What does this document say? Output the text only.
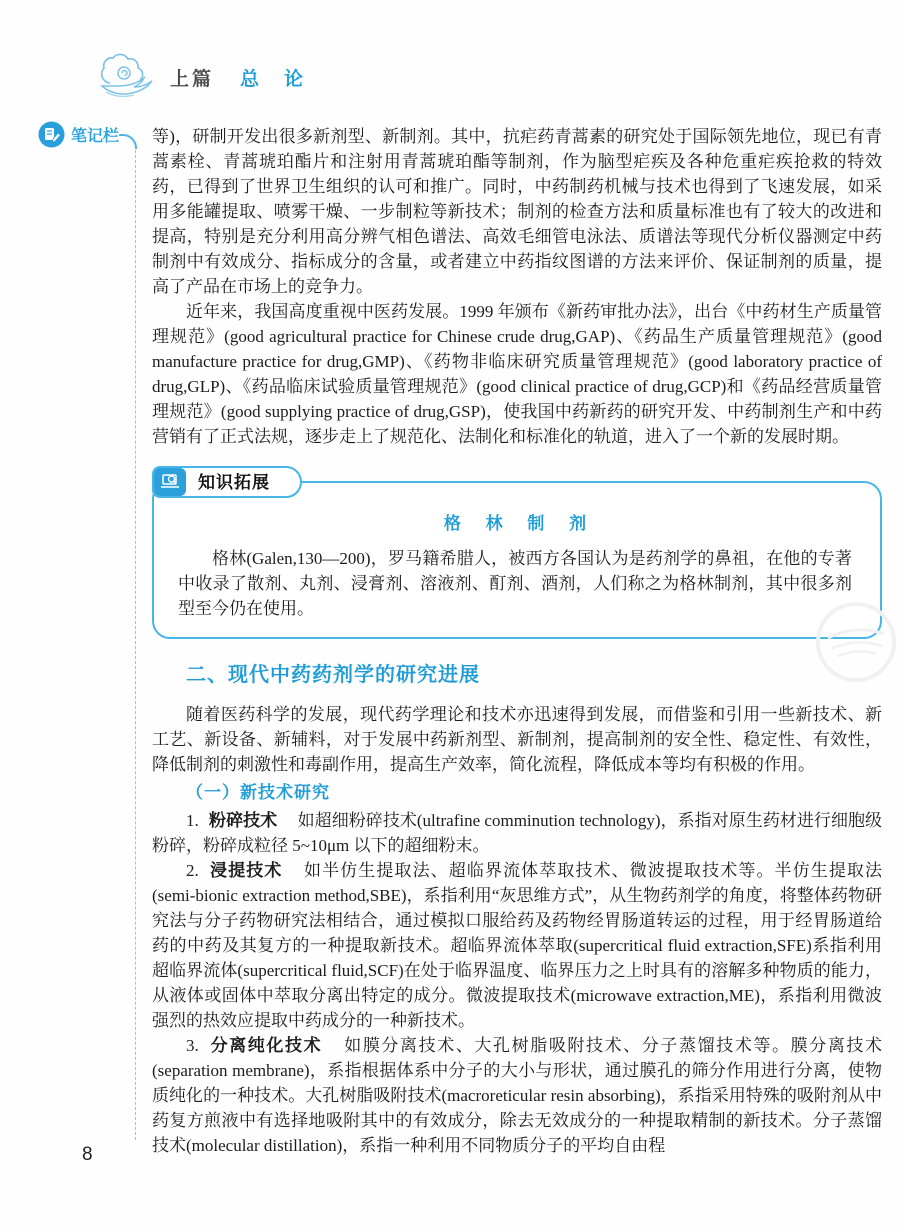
上篇 总　论
笔记栏 等)，研制开发出很多新剂型、新制剂。其中，抗疟药青蒿素的研究处于国际领先地位，现已有青蒿素栓、青蒿琥珀酯片和注射用青蒿琥珀酯等制剂，作为脑型疟疾及各种危重疟疾抢救的特效药，已得到了世界卫生组织的认可和推广。同时，中药制药机械与技术也得到了飞速发展，如采用多能罐提取、喷雾干燥、一步制粒等新技术；制剂的检查方法和质量标准也有了较大的改进和提高，特别是充分利用高分辨气相色谱法、高效毛细管电泳法、质谱法等现代分析仪器测定中药制剂中有效成分、指标成分的含量，或者建立中药指纹图谱的方法来评价、保证制剂的质量，提高了产品在市场上的竞争力。

近年来，我国高度重视中医药发展。1999 年颁布《新药审批办法》，出台《中药材生产质量管理规范》(good agricultural practice for Chinese crude drug,GAP)、《药品生产质量管理规范》(good manufacture practice for drug,GMP)、《药物非临床研究质量管理规范》(good laboratory practice of drug,GLP)、《药品临床试验质量管理规范》(good clinical practice of drug,GCP)和《药品经营质量管理规范》(good supplying practice of drug,GSP)，使我国中药新药的研究开发、中药制剂生产和中药营销有了正式法规，逐步走上了规范化、法制化和标准化的轨道，进入了一个新的发展时期。

知识拓展
格 林 制 剂

格林(Galen,130—200)，罗马籍希腊人，被西方各国认为是药剂学的鼻祖，在他的专著中收录了散剂、丸剂、浸膏剂、溶液剂、酊剂、酒剂，人们称之为格林制剂，其中很多剂型至今仍在使用。

二、现代中药药剂学的研究进展

随着医药科学的发展，现代药学理论和技术亦迅速得到发展，而借鉴和引用一些新技术、新工艺、新设备、新辅料，对于发展中药新剂型、新制剂，提高制剂的安全性、稳定性、有效性，降低制剂的刺激性和毒副作用，提高生产效率，简化流程，降低成本等均有积极的作用。

（一）新技术研究

1. 粉碎技术 如超细粉碎技术(ultrafine comminution technology)，系指对原生药材进行细胞级粉碎，粉碎成粒径 5~10μm 以下的超细粉末。

2. 浸提技术 如半仿生提取法、超临界流体萃取技术、微波提取技术等。半仿生提取法(semi-bionic extraction method,SBE)，系指利用“灰思维方式”，从生物药剂学的角度，将整体药物研究法与分子药物研究法相结合，通过模拟口服给药及药物经胃肠道转运的过程，用于经胃肠道给药的中药及其复方的一种提取新技术。超临界流体萃取(supercritical fluid extraction,SFE)系指利用超临界流体(supercritical fluid,SCF)在处于临界温度、临界压力之上时具有的溶解多种物质的能力，从液体或固体中萃取分离出特定的成分。微波提取技术(microwave extraction,ME)，系指利用微波强烈的热效应提取中药成分的一种新技术。

3. 分离纯化技术 如膜分离技术、大孔树脂吸附技术、分子蒸馏技术等。膜分离技术(separation membrane)，系指根据体系中分子的大小与形状，通过膜孔的筛分作用进行分离，使物质纯化的一种技术。大孔树脂吸附技术(macroreticular resin absorbing)，系指采用特殊的吸附剂从中药复方煎液中有选择地吸附其中的有效成分，除去无效成分的一种提取精制的新技术。分子蒸馏技术(molecular distillation)，系指一种利用不同物质分子的平均自由程

8
